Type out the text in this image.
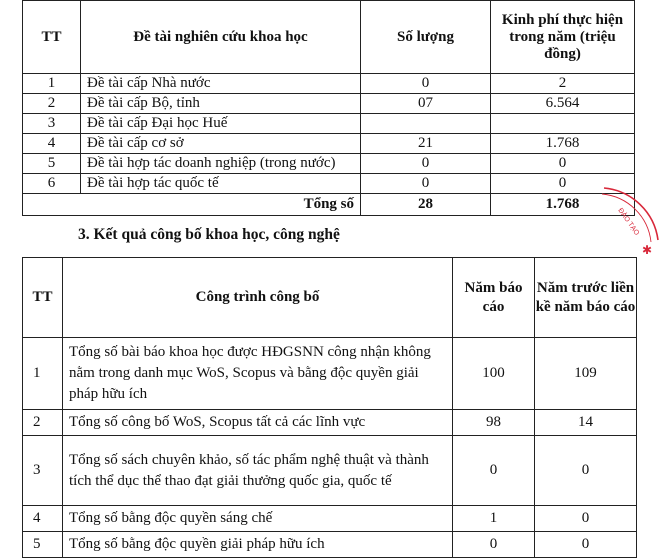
TT	Đề tài nghiên cứu khoa học	Số lượng	Kinh phí thực hiện trong năm (triệu đồng)
1	Đề tài cấp Nhà nước	0	2
2	Đề tài cấp Bộ, tỉnh	07	6.564
3	Đề tài cấp Đại học Huế		
4	Đề tài cấp cơ sở	21	1.768
5	Đề tài hợp tác doanh nghiệp (trong nước)	0	0
6	Đề tài hợp tác quốc tế	0	0
Tổng số		28	1.768
3. Kết quả công bố khoa học, công nghệ	ĐÀO TẠO
✱
TT	Công trình công bố	Năm báo cáo	Năm trước liền kề năm báo cáo
1	Tổng số bài báo khoa học được HĐGSNN công nhận không nằm trong danh mục WoS, Scopus và bằng độc quyền giải pháp hữu ích	100	109
2	Tổng số công bố WoS, Scopus tất cả các lĩnh vực	98	14
3	Tổng số sách chuyên khảo, số tác phẩm nghệ thuật và thành tích thể dục thể thao đạt giải thưởng quốc gia, quốc tế	0	0
4	Tổng số bằng độc quyền sáng chế	1	0
5	Tổng số bằng độc quyền giải pháp hữu ích	0	0
